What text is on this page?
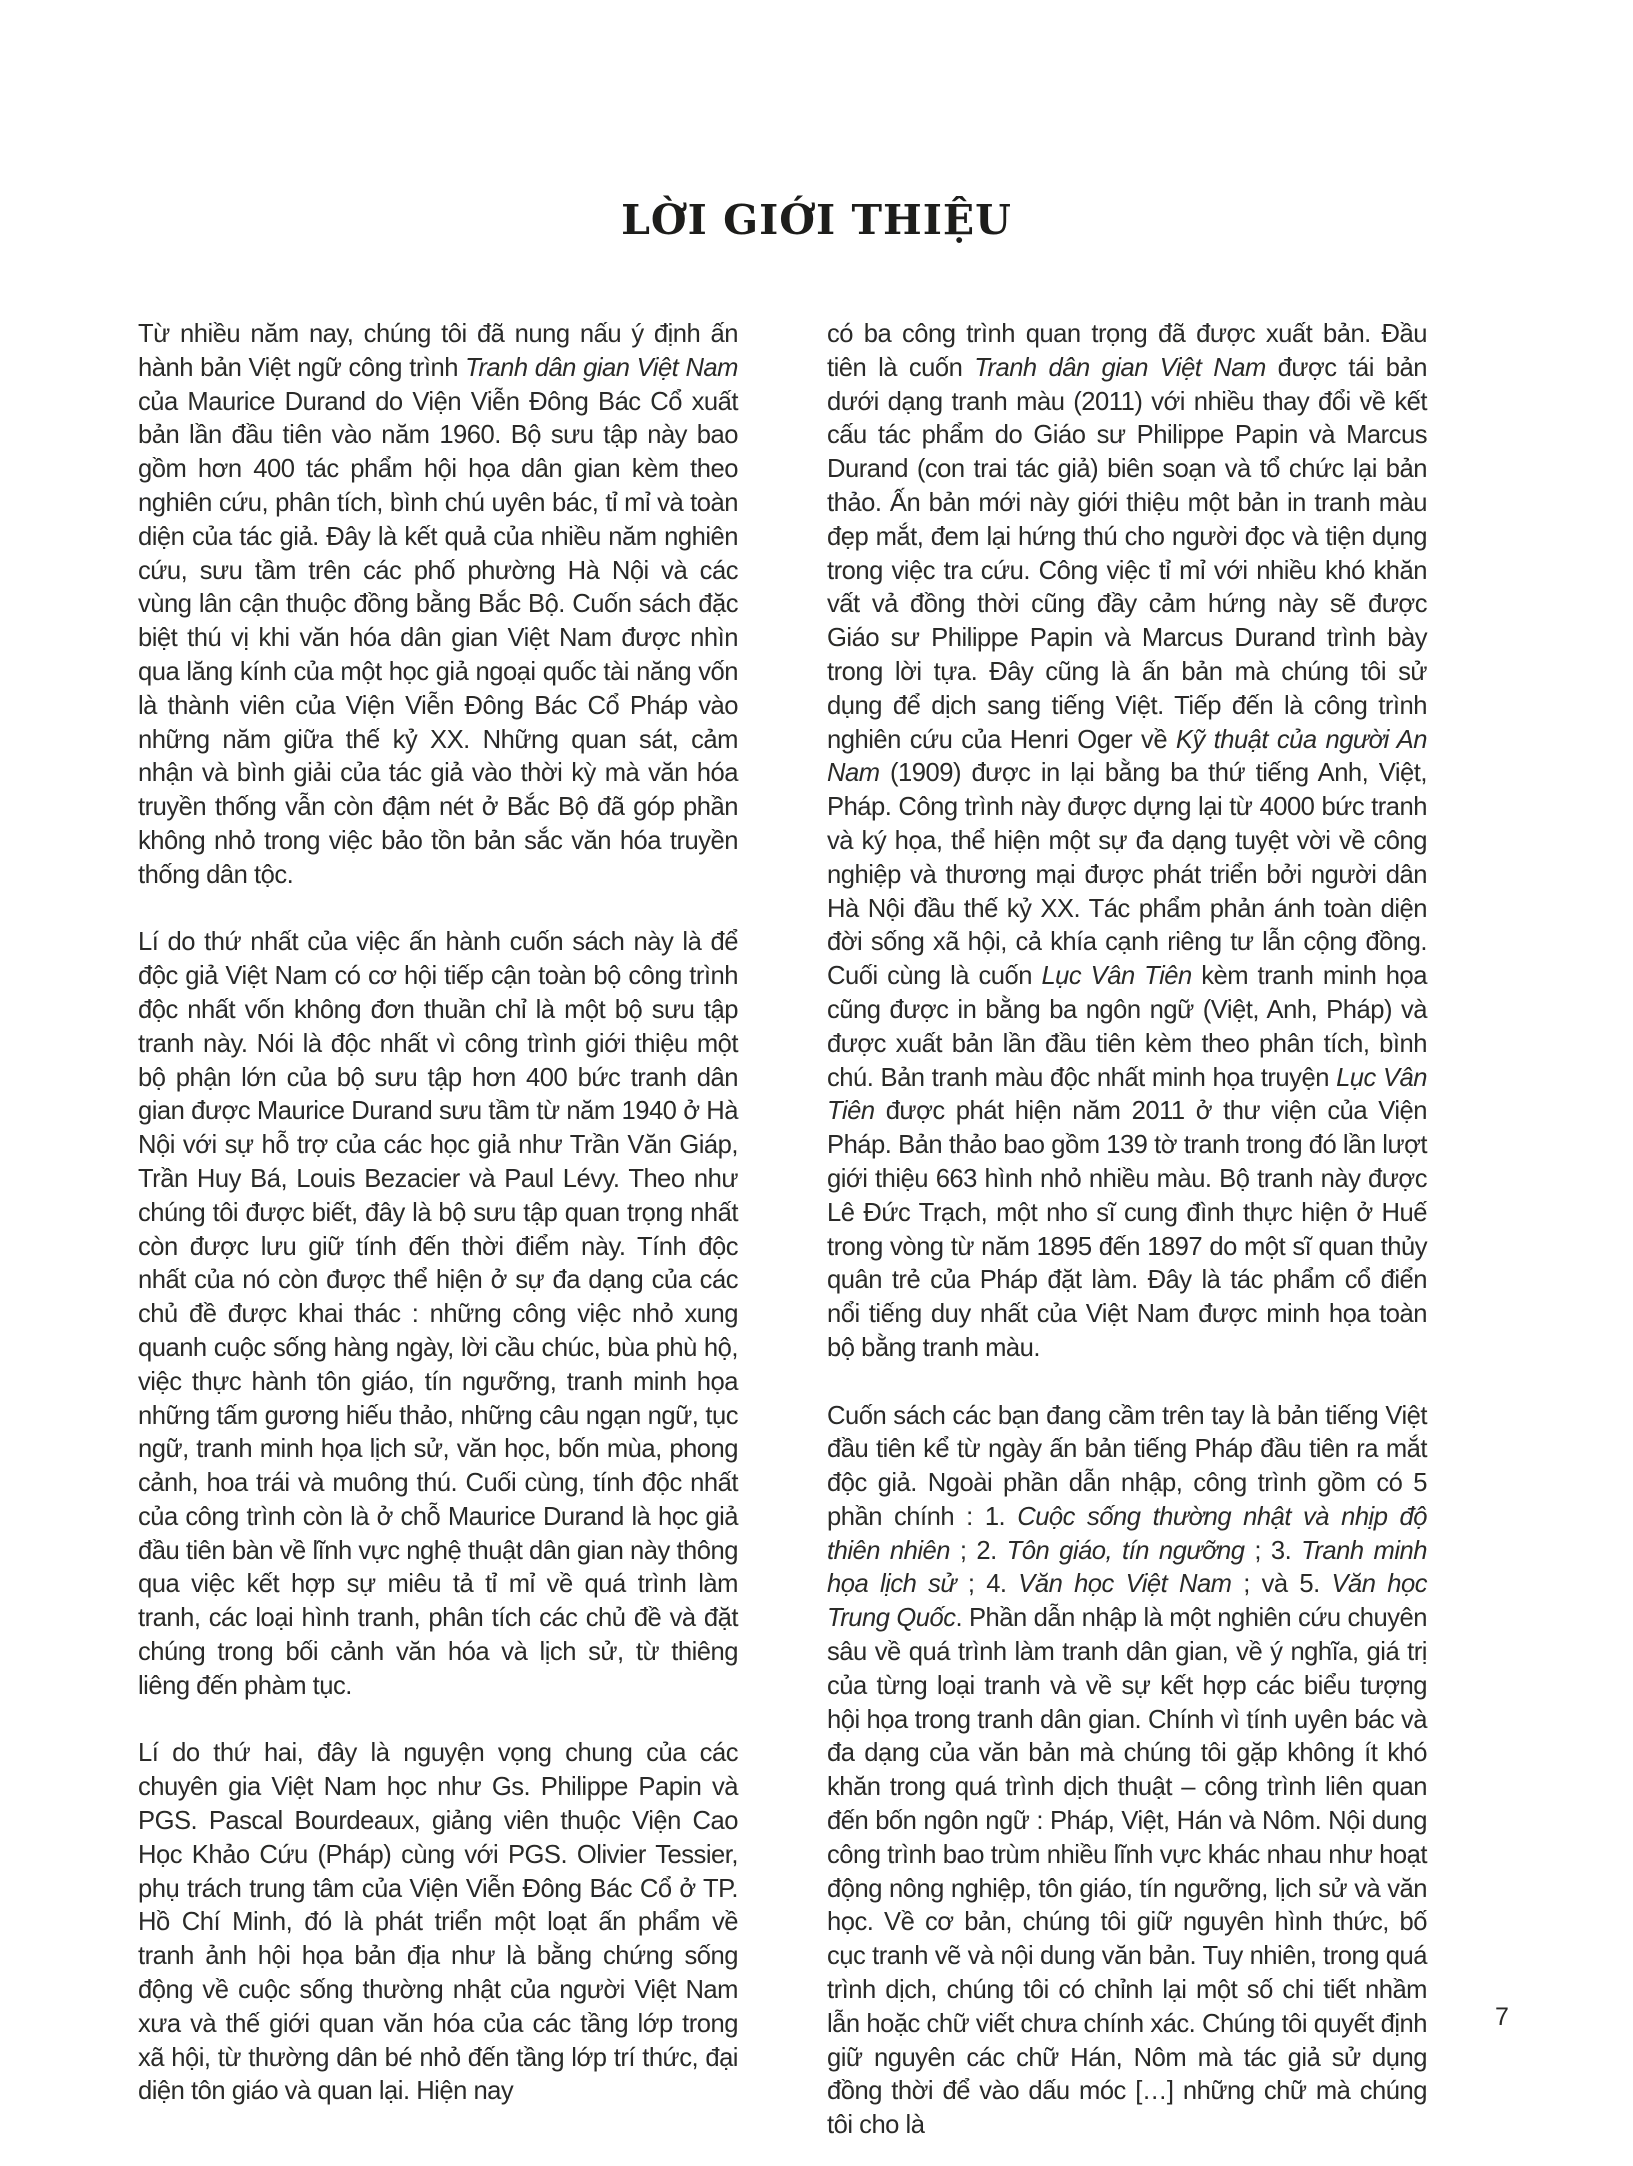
LỜI GIỚI THIỆU

Từ nhiều năm nay, chúng tôi đã nung nấu ý định ấn hành bản Việt ngữ công trình Tranh dân gian Việt Nam của Maurice Durand do Viện Viễn Đông Bác Cổ xuất bản lần đầu tiên vào năm 1960. Bộ sưu tập này bao gồm hơn 400 tác phẩm hội họa dân gian kèm theo nghiên cứu, phân tích, bình chú uyên bác, tỉ mỉ và toàn diện của tác giả. Đây là kết quả của nhiều năm nghiên cứu, sưu tầm trên các phố phường Hà Nội và các vùng lân cận thuộc đồng bằng Bắc Bộ. Cuốn sách đặc biệt thú vị khi văn hóa dân gian Việt Nam được nhìn qua lăng kính của một học giả ngoại quốc tài năng vốn là thành viên của Viện Viễn Đông Bác Cổ Pháp vào những năm giữa thế kỷ XX. Những quan sát, cảm nhận và bình giải của tác giả vào thời kỳ mà văn hóa truyền thống vẫn còn đậm nét ở Bắc Bộ đã góp phần không nhỏ trong việc bảo tồn bản sắc văn hóa truyền thống dân tộc.

Lí do thứ nhất của việc ấn hành cuốn sách này là để độc giả Việt Nam có cơ hội tiếp cận toàn bộ công trình độc nhất vốn không đơn thuần chỉ là một bộ sưu tập tranh này. Nói là độc nhất vì công trình giới thiệu một bộ phận lớn của bộ sưu tập hơn 400 bức tranh dân gian được Maurice Durand sưu tầm từ năm 1940 ở Hà Nội với sự hỗ trợ của các học giả như Trần Văn Giáp, Trần Huy Bá, Louis Bezacier và Paul Lévy. Theo như chúng tôi được biết, đây là bộ sưu tập quan trọng nhất còn được lưu giữ tính đến thời điểm này. Tính độc nhất của nó còn được thể hiện ở sự đa dạng của các chủ đề được khai thác : những công việc nhỏ xung quanh cuộc sống hàng ngày, lời cầu chúc, bùa phù hộ, việc thực hành tôn giáo, tín ngưỡng, tranh minh họa những tấm gương hiếu thảo, những câu ngạn ngữ, tục ngữ, tranh minh họa lịch sử, văn học, bốn mùa, phong cảnh, hoa trái và muông thú. Cuối cùng, tính độc nhất của công trình còn là ở chỗ Maurice Durand là học giả đầu tiên bàn về lĩnh vực nghệ thuật dân gian này thông qua việc kết hợp sự miêu tả tỉ mỉ về quá trình làm tranh, các loại hình tranh, phân tích các chủ đề và đặt chúng trong bối cảnh văn hóa và lịch sử, từ thiêng liêng đến phàm tục.

Lí do thứ hai, đây là nguyện vọng chung của các chuyên gia Việt Nam học như Gs. Philippe Papin và PGS. Pascal Bourdeaux, giảng viên thuộc Viện Cao Học Khảo Cứu (Pháp) cùng với PGS. Olivier Tessier, phụ trách trung tâm của Viện Viễn Đông Bác Cổ ở TP. Hồ Chí Minh, đó là phát triển một loạt ấn phẩm về tranh ảnh hội họa bản địa như là bằng chứng sống động về cuộc sống thường nhật của người Việt Nam xưa và thế giới quan văn hóa của các tầng lớp trong xã hội, từ thường dân bé nhỏ đến tầng lớp trí thức, đại diện tôn giáo và quan lại. Hiện nay

có ba công trình quan trọng đã được xuất bản. Đầu tiên là cuốn Tranh dân gian Việt Nam được tái bản dưới dạng tranh màu (2011) với nhiều thay đổi về kết cấu tác phẩm do Giáo sư Philippe Papin và Marcus Durand (con trai tác giả) biên soạn và tổ chức lại bản thảo. Ấn bản mới này giới thiệu một bản in tranh màu đẹp mắt, đem lại hứng thú cho người đọc và tiện dụng trong việc tra cứu. Công việc tỉ mỉ với nhiều khó khăn vất vả đồng thời cũng đầy cảm hứng này sẽ được Giáo sư Philippe Papin và Marcus Durand trình bày trong lời tựa. Đây cũng là ấn bản mà chúng tôi sử dụng để dịch sang tiếng Việt. Tiếp đến là công trình nghiên cứu của Henri Oger về Kỹ thuật của người An Nam (1909) được in lại bằng ba thứ tiếng Anh, Việt, Pháp. Công trình này được dựng lại từ 4000 bức tranh và ký họa, thể hiện một sự đa dạng tuyệt vời về công nghiệp và thương mại được phát triển bởi người dân Hà Nội đầu thế kỷ XX. Tác phẩm phản ánh toàn diện đời sống xã hội, cả khía cạnh riêng tư lẫn cộng đồng. Cuối cùng là cuốn Lục Vân Tiên kèm tranh minh họa cũng được in bằng ba ngôn ngữ (Việt, Anh, Pháp) và được xuất bản lần đầu tiên kèm theo phân tích, bình chú. Bản tranh màu độc nhất minh họa truyện Lục Vân Tiên được phát hiện năm 2011 ở thư viện của Viện Pháp. Bản thảo bao gồm 139 tờ tranh trong đó lần lượt giới thiệu 663 hình nhỏ nhiều màu. Bộ tranh này được Lê Đức Trạch, một nho sĩ cung đình thực hiện ở Huế trong vòng từ năm 1895 đến 1897 do một sĩ quan thủy quân trẻ của Pháp đặt làm. Đây là tác phẩm cổ điển nổi tiếng duy nhất của Việt Nam được minh họa toàn bộ bằng tranh màu.

Cuốn sách các bạn đang cầm trên tay là bản tiếng Việt đầu tiên kể từ ngày ấn bản tiếng Pháp đầu tiên ra mắt độc giả. Ngoài phần dẫn nhập, công trình gồm có 5 phần chính : 1. Cuộc sống thường nhật và nhịp độ thiên nhiên ; 2. Tôn giáo, tín ngưỡng ; 3. Tranh minh họa lịch sử ; 4. Văn học Việt Nam ; và 5. Văn học Trung Quốc. Phần dẫn nhập là một nghiên cứu chuyên sâu về quá trình làm tranh dân gian, về ý nghĩa, giá trị của từng loại tranh và về sự kết hợp các biểu tượng hội họa trong tranh dân gian. Chính vì tính uyên bác và đa dạng của văn bản mà chúng tôi gặp không ít khó khăn trong quá trình dịch thuật – công trình liên quan đến bốn ngôn ngữ : Pháp, Việt, Hán và Nôm. Nội dung công trình bao trùm nhiều lĩnh vực khác nhau như hoạt động nông nghiệp, tôn giáo, tín ngưỡng, lịch sử và văn học. Về cơ bản, chúng tôi giữ nguyên hình thức, bố cục tranh vẽ và nội dung văn bản. Tuy nhiên, trong quá trình dịch, chúng tôi có chỉnh lại một số chi tiết nhầm lẫn hoặc chữ viết chưa chính xác. Chúng tôi quyết định giữ nguyên các chữ Hán, Nôm mà tác giả sử dụng đồng thời để vào dấu móc […] những chữ mà chúng tôi cho là

7
